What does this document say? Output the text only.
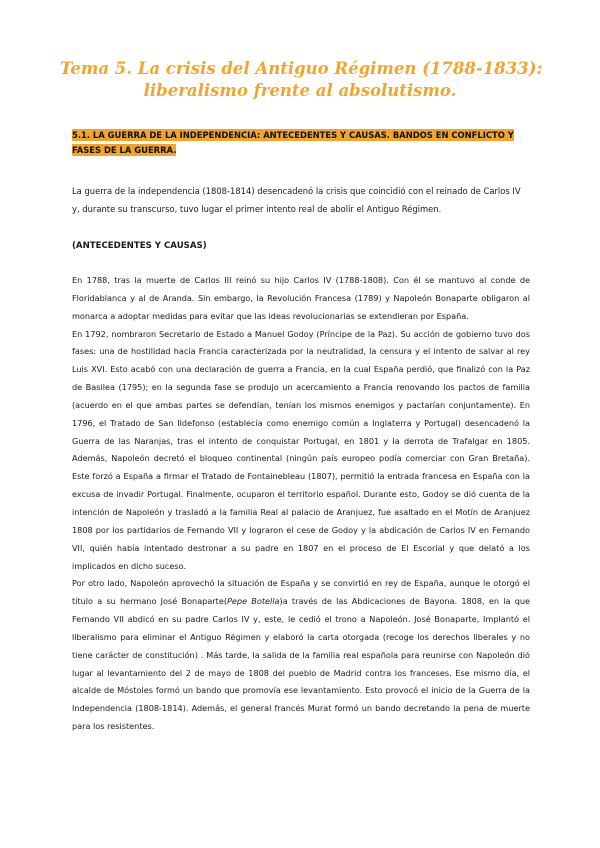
Tema 5. La crisis del Antiguo Régimen (1788-1833):
liberalismo frente al absolutismo.
5.1. LA GUERRA DE LA INDEPENDENCIA: ANTECEDENTES Y CAUSAS. BANDOS EN CONFLICTO Y FASES DE LA GUERRA.
La guerra de la independencia (1808-1814) desencadenó la crisis que coincidió con el reinado de Carlos IV y, durante su transcurso, tuvo lugar el primer intento real de abolir el Antiguo Régimen.
(ANTECEDENTES Y CAUSAS)

En 1788, tras la muerte de Carlos III reinó su hijo Carlos IV (1788-1808). Con él se mantuvo al conde de Floridablanca y al de Aranda. Sin embargo, la Revolución Francesa (1789) y Napoleón Bonaparte obligaron al monarca a adoptar medidas para evitar que las ideas revolucionarias se extendieran por España.

En 1792, nombraron Secretario de Estado a Manuel Godoy (Príncipe de la Paz). Su acción de gobierno tuvo dos fases: una de hostilidad hacia Francia caracterizada por la neutralidad, la censura y el intento de salvar al rey Luis XVI. Esto acabó con una declaración de guerra a Francia, en la cual España perdió, que finalizó con la Paz de Basilea (1795); en la segunda fase se produjo un acercamiento a Francia renovando los pactos de familia (acuerdo en el que ambas partes se defendían, tenían los mismos enemigos y pactarían conjuntamente). En 1796, el Tratado de San Ildefonso (establecía como enemigo común a Inglaterra y Portugal) desencadenó la Guerra de las Naranjas, tras el intento de conquistar Portugal, en 1801 y la derrota de Trafalgar en 1805. Además, Napoleón decretó el bloqueo continental (ningún país europeo podía comerciar con Gran Bretaña). Este forzó a España a firmar el Tratado de Fontainebleau (1807), permitió la entrada francesa en España con la excusa de invadir Portugal. Finalmente, ocuparon el territorio español. Durante esto, Godoy se dió cuenta de la intención de Napoleón y trasladó a la familia Real al palacio de Aranjuez, fue asaltado en el Motín de Aranjuez 1808 por los partidarios de Fernando VII y lograron el cese de Godoy y la abdicación de Carlos IV en Fernando VII, quién había intentado destronar a su padre en 1807 en el proceso de El Escorial y que delató a los implicados en dicho suceso.

Por otro lado, Napoleón aprovechó la situación de España y se convirtió en rey de España, aunque le otorgó el título a su hermano José Bonaparte(Pepe Botella)a través de las Abdicaciones de Bayona. 1808, en la que Fernando VII abdicó en su padre Carlos IV y, este, le cedió el trono a Napoleón. José Bonaparte, Implantó el liberalismo para eliminar el Antiguo Régimen y elaboró la carta otorgada (recoge los derechos liberales y no tiene carácter de constitución) . Más tarde, la salida de la familia real española para reunirse con Napoleón dió lugar al levantamiento del 2 de mayo de 1808 del pueblo de Madrid contra los franceses. Ese mismo día, el alcalde de Móstoles formó un bando que promovía ese levantamiento. Esto provocó el inicio de la Guerra de la Independencia (1808-1814). Además, el general francés Murat formó un bando decretando la pena de muerte para los resistentes.
